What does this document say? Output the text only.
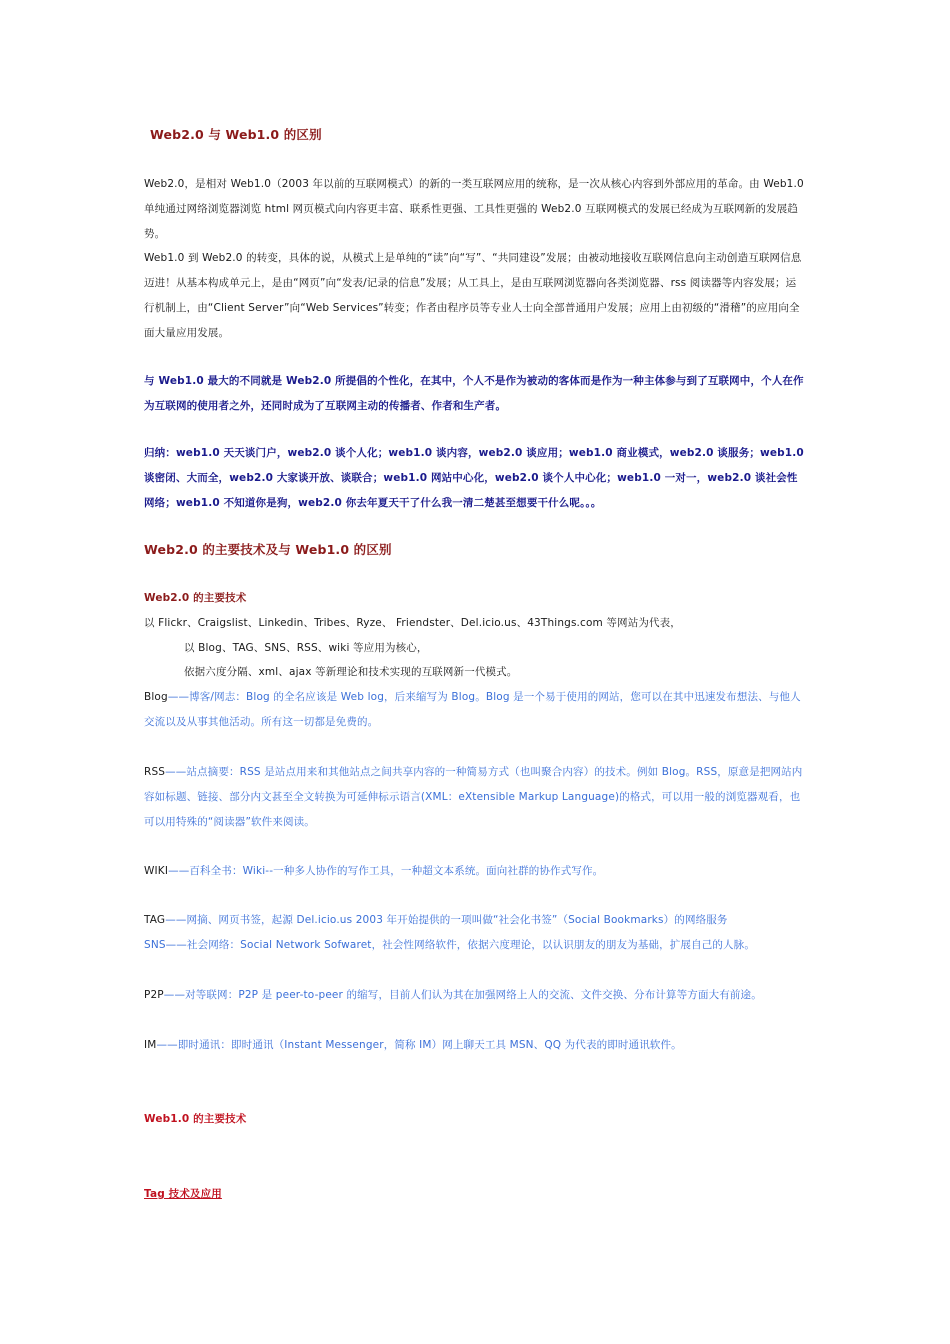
Web2.0 与 Web1.0 的区别
Web2.0，是相对 Web1.0（2003 年以前的互联网模式）的新的一类互联网应用的统称，是一次从核心内容到外部应用的革命。由 Web1.0 单纯通过网络浏览器浏览 html 网页模式向内容更丰富、联系性更强、工具性更强的 Web2.0 互联网模式的发展已经成为互联网新的发展趋势。
Web1.0 到 Web2.0 的转变，具体的说，从模式上是单纯的“读”向“写”、“共同建设”发展；由被动地接收互联网信息向主动创造互联网信息迈进！从基本构成单元上，是由“网页”向“发表/记录的信息”发展；从工具上，是由互联网浏览器向各类浏览器、rss 阅读器等内容发展；运行机制上，由“Client Server”向“Web Services”转变；作者由程序员等专业人士向全部普通用户发展；应用上由初级的“滑稽”的应用向全面大量应用发展。
与 Web1.0 最大的不同就是 Web2.0 所提倡的个性化，在其中，个人不是作为被动的客体而是作为一种主体参与到了互联网中，个人在作为互联网的使用者之外，还同时成为了互联网主动的传播者、作者和生产者。
归纳：web1.0 天天谈门户，web2.0 谈个人化；web1.0 谈内容，web2.0 谈应用；web1.0 商业模式，web2.0 谈服务；web1.0 谈密闭、大而全，web2.0 大家谈开放、谈联合；web1.0 网站中心化，web2.0 谈个人中心化；web1.0 一对一，web2.0 谈社会性网络；web1.0 不知道你是狗，web2.0 你去年夏天干了什么我一清二楚甚至想要干什么呢。。。
Web2.0 的主要技术及与 Web1.0 的区别
Web2.0 的主要技术
以 Flickr、Craigslist、Linkedin、Tribes、Ryze、 Friendster、Del.icio.us、43Things.com 等网站为代表，
以 Blog、TAG、SNS、RSS、wiki 等应用为核心，
依据六度分隔、xml、ajax 等新理论和技术实现的互联网新一代模式。
Blog——博客/网志：Blog 的全名应该是 Web log，后来缩写为 Blog。Blog 是一个易于使用的网站，您可以在其中迅速发布想法、与他人交流以及从事其他活动。所有这一切都是免费的。
RSS——站点摘要：RSS 是站点用来和其他站点之间共享内容的一种简易方式（也叫聚合内容）的技术。例如 Blog。RSS，原意是把网站内容如标题、链接、部分内文甚至全文转换为可延伸标示语言(XML：eXtensible Markup Language)的格式，可以用一般的浏览器观看，也可以用特殊的“阅读器”软件来阅读。
WIKI——百科全书：Wiki--一种多人协作的写作工具，一种超文本系统。面向社群的协作式写作。
TAG——网摘、网页书签，起源 Del.icio.us 2003 年开始提供的一项叫做“社会化书签”（Social Bookmarks）的网络服务
SNS——社会网络：Social Network Sofwaret，社会性网络软件，依据六度理论，以认识朋友的朋友为基础，扩展自己的人脉。
P2P——对等联网：P2P 是 peer-to-peer 的缩写，目前人们认为其在加强网络上人的交流、文件交换、分布计算等方面大有前途。
IM——即时通讯：即时通讯（Instant Messenger，简称 IM）网上聊天工具 MSN、QQ 为代表的即时通讯软件。
Web1.0 的主要技术
Tag 技术及应用
